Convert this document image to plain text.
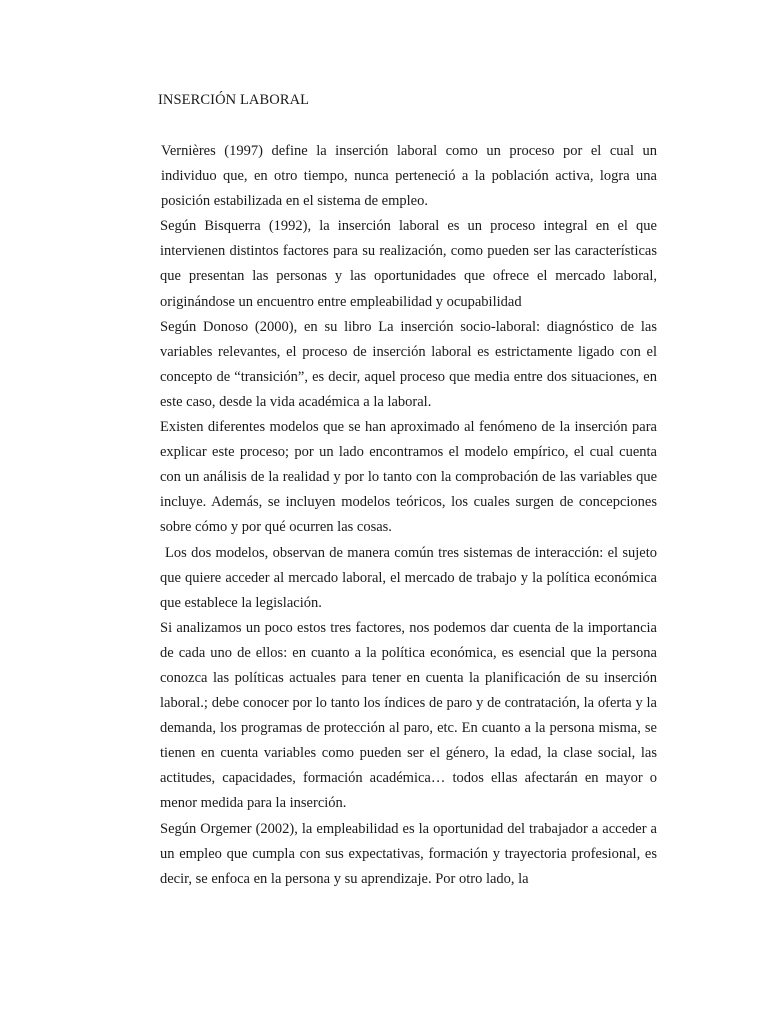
INSERCIÓN LABORAL

Vernières (1997) define la inserción laboral como un proceso por el cual un individuo que, en otro tiempo, nunca perteneció a la población activa, logra una posición estabilizada en el sistema de empleo.

Según Bisquerra (1992), la inserción laboral es un proceso integral en el que intervienen distintos factores para su realización, como pueden ser las características que presentan las personas y las oportunidades que ofrece el mercado laboral, originándose un encuentro entre empleabilidad y ocupabilidad

Según Donoso (2000), en su libro La inserción socio-laboral: diagnóstico de las variables relevantes, el proceso de inserción laboral es estrictamente ligado con el concepto de “transición”, es decir, aquel proceso que media entre dos situaciones, en este caso, desde la vida académica a la laboral.

Existen diferentes modelos que se han aproximado al fenómeno de la inserción para explicar este proceso; por un lado encontramos el modelo empírico, el cual cuenta con un análisis de la realidad y por lo tanto con la comprobación de las variables que incluye. Además, se incluyen modelos teóricos, los cuales surgen de concepciones sobre cómo y por qué ocurren las cosas.

Los dos modelos, observan de manera común tres sistemas de interacción: el sujeto que quiere acceder al mercado laboral, el mercado de trabajo y la política económica que establece la legislación.

Si analizamos un poco estos tres factores, nos podemos dar cuenta de la importancia de cada uno de ellos: en cuanto a la política económica, es esencial que la persona conozca las políticas actuales para tener en cuenta la planificación de su inserción laboral.; debe conocer por lo tanto los índices de paro y de contratación, la oferta y la demanda, los programas de protección al paro, etc. En cuanto a la persona misma, se tienen en cuenta variables como pueden ser el género, la edad, la clase social, las actitudes, capacidades, formación académica… todos ellas afectarán en mayor o menor medida para la inserción.

Según Orgemer (2002), la empleabilidad es la oportunidad del trabajador a acceder a un empleo que cumpla con sus expectativas, formación y trayectoria profesional, es decir, se enfoca en la persona y su aprendizaje. Por otro lado, la
